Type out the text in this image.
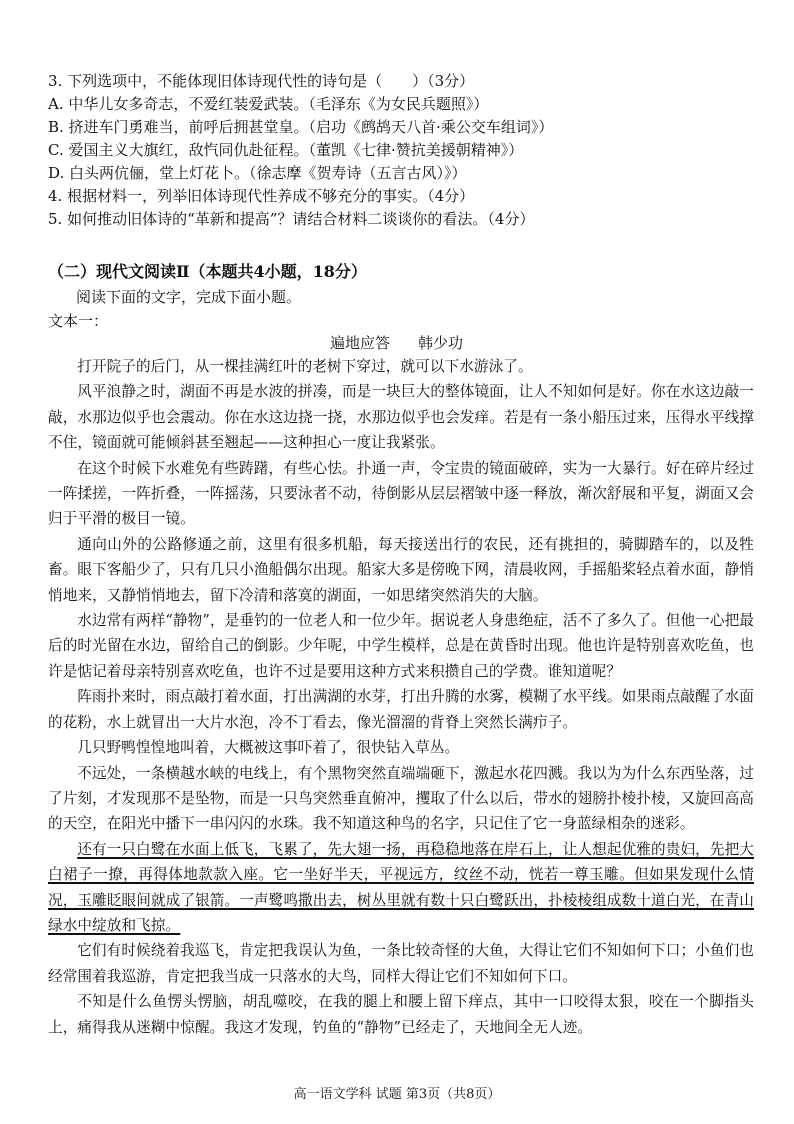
3. 下列选项中，不能体现旧体诗现代性的诗句是（　　）（3分）
A. 中华儿女多奇志，不爱红装爱武装。（毛泽东《为女民兵题照》）
B. 挤进车门勇难当，前呼后拥甚堂皇。（启功《鹧鸪天八首·乘公交车组词》）
C. 爱国主义大旗红，敌忾同仇赴征程。（董凯《七律·赞抗美援朝精神》）
D. 白头两伉俪，堂上灯花卜。（徐志摩《贺寿诗（五言古风）》）
4. 根据材料一，列举旧体诗现代性养成不够充分的事实。（4分）
5. 如何推动旧体诗的“革新和提高”？请结合材料二谈谈你的看法。（4分）
（二）现代文阅读Ⅱ（本题共4小题，18分）
阅读下面的文字，完成下面小题。
文本一：
遍地应答 韩少功

打开院子的后门，从一棵挂满红叶的老树下穿过，就可以下水游泳了。

风平浪静之时，湖面不再是水波的拼凑，而是一块巨大的整体镜面，让人不知如何是好。你在水这边敲一敲，水那边似乎也会震动。你在水这边挠一挠，水那边似乎也会发痒。若是有一条小船压过来，压得水平线撑不住，镜面就可能倾斜甚至翘起——这种担心一度让我紧张。

在这个时候下水难免有些踌躇，有些心怯。扑通一声，令宝贵的镜面破碎，实为一大暴行。好在碎片经过一阵揉搓，一阵折叠，一阵摇荡，只要泳者不动，待倒影从层层褶皱中逐一释放，渐次舒展和平复，湖面又会归于平滑的极目一镜。

通向山外的公路修通之前，这里有很多机船，每天接送出行的农民，还有挑担的，骑脚踏车的，以及牲畜。眼下客船少了，只有几只小渔船偶尔出现。船家大多是傍晚下网，清晨收网，手摇船桨轻点着水面，静悄悄地来，又静悄悄地去，留下冷清和落寞的湖面，一如思绪突然消失的大脑。

水边常有两样“静物”，是垂钓的一位老人和一位少年。据说老人身患绝症，活不了多久了。但他一心把最后的时光留在水边，留给自己的倒影。少年呢，中学生模样，总是在黄昏时出现。他也许是特别喜欢吃鱼，也许是惦记着母亲特别喜欢吃鱼，也许不过是要用这种方式来积攒自己的学费。谁知道呢？

阵雨扑来时，雨点敲打着水面，打出满湖的水芽，打出升腾的水雾，模糊了水平线。如果雨点敲醒了水面的花粉，水上就冒出一大片水泡，冷不丁看去，像光溜溜的背脊上突然长满疖子。

几只野鸭惶惶地叫着，大概被这事吓着了，很快钻入草丛。

不远处，一条横越水峡的电线上，有个黑物突然直端端砸下，激起水花四溅。我以为为什么东西坠落，过了片刻，才发现那不是坠物，而是一只鸟突然垂直俯冲，攫取了什么以后，带水的翅膀扑棱扑棱，又旋回高高的天空，在阳光中播下一串闪闪的水珠。我不知道这种鸟的名字，只记住了它一身蓝绿相杂的迷彩。

还有一只白鹭在水面上低飞，飞累了，先大翅一扬，再稳稳地落在岸石上，让人想起优雅的贵妇，先把大白裙子一撩，再得体地款款入座。它一坐好半天，平视远方，纹丝不动，恍若一尊玉雕。但如果发现什么情况，玉雕眨眼间就成了银箭。一声鹭鸣撒出去，树丛里就有数十只白鹭跃出，扑棱棱组成数十道白光，在青山绿水中绽放和飞掠。

它们有时候绕着我巡飞，肯定把我误认为鱼，一条比较奇怪的大鱼，大得让它们不知如何下口；小鱼们也经常围着我巡游，肯定把我当成一只落水的大鸟，同样大得让它们不知如何下口。

不知是什么鱼愣头愣脑，胡乱噬咬，在我的腿上和腰上留下痒点，其中一口咬得太狠，咬在一个脚指头上，痛得我从迷糊中惊醒。我这才发现，钓鱼的“静物”已经走了，天地间全无人迹。

高一语文学科 试题 第3页（共8页）
